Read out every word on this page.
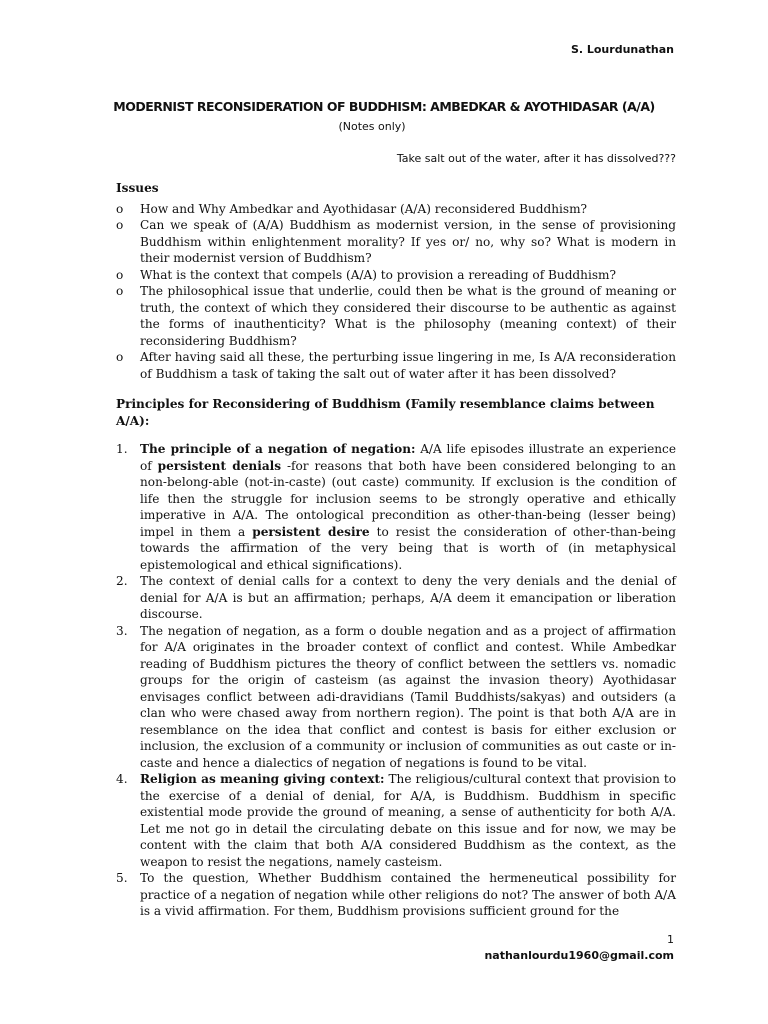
S. Lourdunathan
MODERNIST RECONSIDERATION OF BUDDHISM: AMBEDKAR & AYOTHIDASAR (A/A)
(Notes only)
Take salt out of the water, after it has dissolved???

Issues

o How and Why Ambedkar and Ayothidasar (A/A) reconsidered Buddhism?
o Can we speak of (A/A) Buddhism as modernist version, in the sense of provisioning Buddhism within enlightenment morality? If yes or/ no, why so? What is modern in their modernist version of Buddhism?
o What is the context that compels (A/A) to provision a rereading of Buddhism?
o The philosophical issue that underlie, could then be what is the ground of meaning or truth, the context of which they considered their discourse to be authentic as against the forms of inauthenticity? What is the philosophy (meaning context) of their reconsidering Buddhism?
o After having said all these, the perturbing issue lingering in me, Is A/A reconsideration of Buddhism a task of taking the salt out of water after it has been dissolved?

Principles for Reconsidering of Buddhism (Family resemblance claims between A/A):

1. The principle of a negation of negation: A/A life episodes illustrate an experience of persistent denials -for reasons that both have been considered belonging to an non-belong-able (not-in-caste) (out caste) community. If exclusion is the condition of life then the struggle for inclusion seems to be strongly operative and ethically imperative in A/A. The ontological precondition as other-than-being (lesser being) impel in them a persistent desire to resist the consideration of other-than-being towards the affirmation of the very being that is worth of (in metaphysical epistemological and ethical significations).
2. The context of denial calls for a context to deny the very denials and the denial of denial for A/A is but an affirmation; perhaps, A/A deem it emancipation or liberation discourse.
3. The negation of negation, as a form o double negation and as a project of affirmation for A/A originates in the broader context of conflict and contest. While Ambedkar reading of Buddhism pictures the theory of conflict between the settlers vs. nomadic groups for the origin of casteism (as against the invasion theory) Ayothidasar envisages conflict between adi-dravidians (Tamil Buddhists/sakyas) and outsiders (a clan who were chased away from northern region). The point is that both A/A are in resemblance on the idea that conflict and contest is basis for either exclusion or inclusion, the exclusion of a community or inclusion of communities as out caste or in-caste and hence a dialectics of negation of negations is found to be vital.
4. Religion as meaning giving context: The religious/cultural context that provision to the exercise of a denial of denial, for A/A, is Buddhism. Buddhism in specific existential mode provide the ground of meaning, a sense of authenticity for both A/A. Let me not go in detail the circulating debate on this issue and for now, we may be content with the claim that both A/A considered Buddhism as the context, as the weapon to resist the negations, namely casteism.
5. To the question, Whether Buddhism contained the hermeneutical possibility for practice of a negation of negation while other religions do not? The answer of both A/A is a vivid affirmation. For them, Buddhism provisions sufficient ground for the
1
nathanlourdu1960@gmail.com
